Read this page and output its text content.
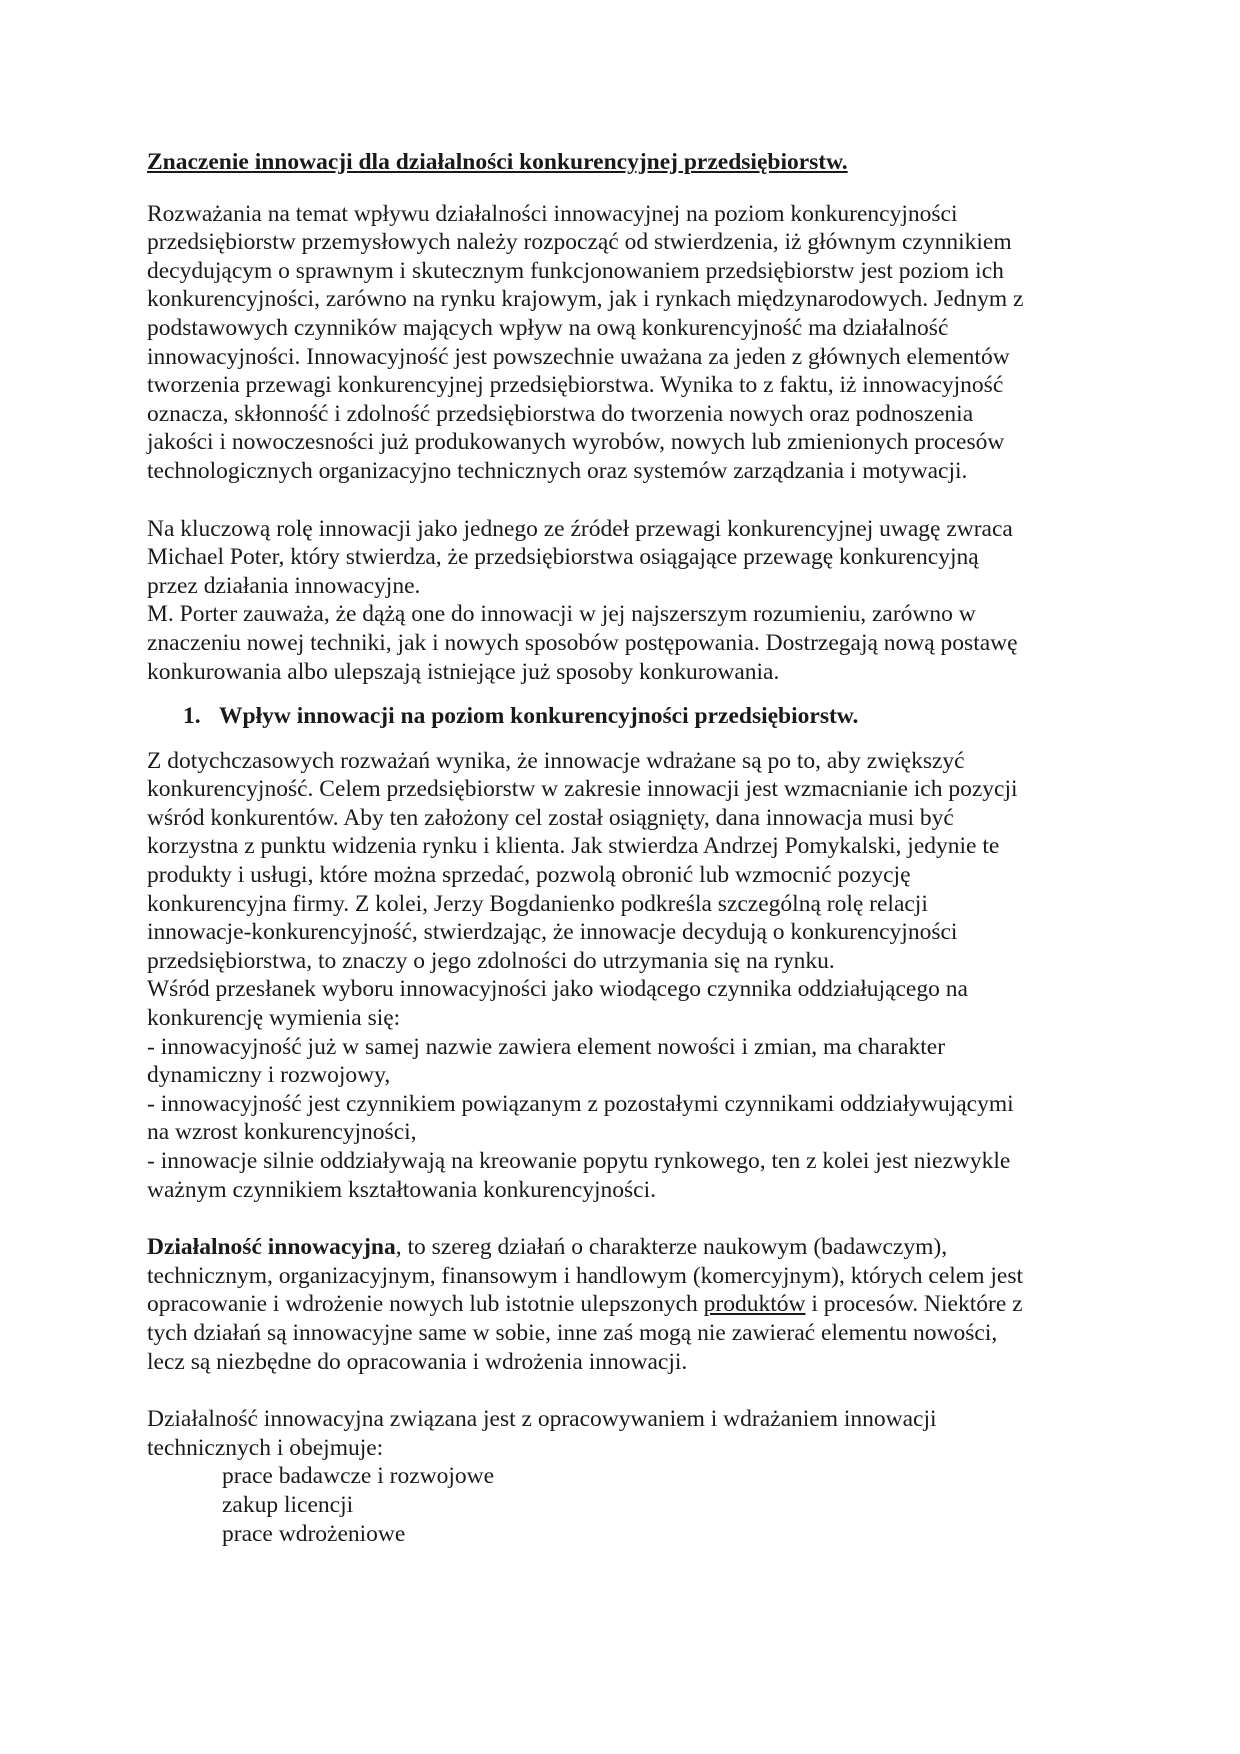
Znaczenie innowacji dla działalności konkurencyjnej przedsiębiorstw.
Rozważania na temat wpływu działalności innowacyjnej na poziom konkurencyjności
przedsiębiorstw przemysłowych należy rozpocząć od stwierdzenia, iż głównym czynnikiem
decydującym o sprawnym i skutecznym funkcjonowaniem przedsiębiorstw jest poziom ich
konkurencyjności, zarówno na rynku krajowym, jak i rynkach międzynarodowych. Jednym z
podstawowych czynników mających wpływ na ową konkurencyjność ma działalność
innowacyjności. Innowacyjność jest powszechnie uważana za jeden z głównych elementów
tworzenia przewagi konkurencyjnej przedsiębiorstwa. Wynika to z faktu, iż innowacyjność
oznacza, skłonność i zdolność przedsiębiorstwa do tworzenia nowych oraz podnoszenia
jakości i nowoczesności już produkowanych wyrobów, nowych lub zmienionych procesów
technologicznych organizacyjno technicznych oraz systemów zarządzania i motywacji.
Na kluczową rolę innowacji jako jednego ze źródeł przewagi konkurencyjnej uwagę zwraca
Michael Poter, który stwierdza, że przedsiębiorstwa osiągające przewagę konkurencyjną
przez działania innowacyjne.
M. Porter zauważa, że dążą one do innowacji w jej najszerszym rozumieniu, zarówno w
znaczeniu nowej techniki, jak i nowych sposobów postępowania. Dostrzegają nową postawę
konkurowania albo ulepszają istniejące już sposoby konkurowania.
1. Wpływ innowacji na poziom konkurencyjności przedsiębiorstw.
Z dotychczasowych rozważań wynika, że innowacje wdrażane są po to, aby zwiększyć
konkurencyjność. Celem przedsiębiorstw w zakresie innowacji jest wzmacnianie ich pozycji
wśród konkurentów. Aby ten założony cel został osiągnięty, dana innowacja musi być
korzystna z punktu widzenia rynku i klienta. Jak stwierdza Andrzej Pomykalski, jedynie te
produkty i usługi, które można sprzedać, pozwolą obronić lub wzmocnić pozycję
konkurencyjna firmy. Z kolei, Jerzy Bogdanienko podkreśla szczególną rolę relacji
innowacje-konkurencyjność, stwierdzając, że innowacje decydują o konkurencyjności
przedsiębiorstwa, to znaczy o jego zdolności do utrzymania się na rynku.
Wśród przesłanek wyboru innowacyjności jako wiodącego czynnika oddziałującego na
konkurencję wymienia się:
- innowacyjność już w samej nazwie zawiera element nowości i zmian, ma charakter
dynamiczny i rozwojowy,
- innowacyjność jest czynnikiem powiązanym z pozostałymi czynnikami oddziaływującymi
na wzrost konkurencyjności,
- innowacje silnie oddziaływają na kreowanie popytu rynkowego, ten z kolei jest niezwykle
ważnym czynnikiem kształtowania konkurencyjności.
Działalność innowacyjna, to szereg działań o charakterze naukowym (badawczym),
technicznym, organizacyjnym, finansowym i handlowym (komercyjnym), których celem jest
opracowanie i wdrożenie nowych lub istotnie ulepszonych produktów i procesów. Niektóre z
tych działań są innowacyjne same w sobie, inne zaś mogą nie zawierać elementu nowości,
lecz są niezbędne do opracowania i wdrożenia innowacji.
Działalność innowacyjna związana jest z opracowywaniem i wdrażaniem innowacji
technicznych i obejmuje:
prace badawcze i rozwojowe
zakup licencji
prace wdrożeniowe
